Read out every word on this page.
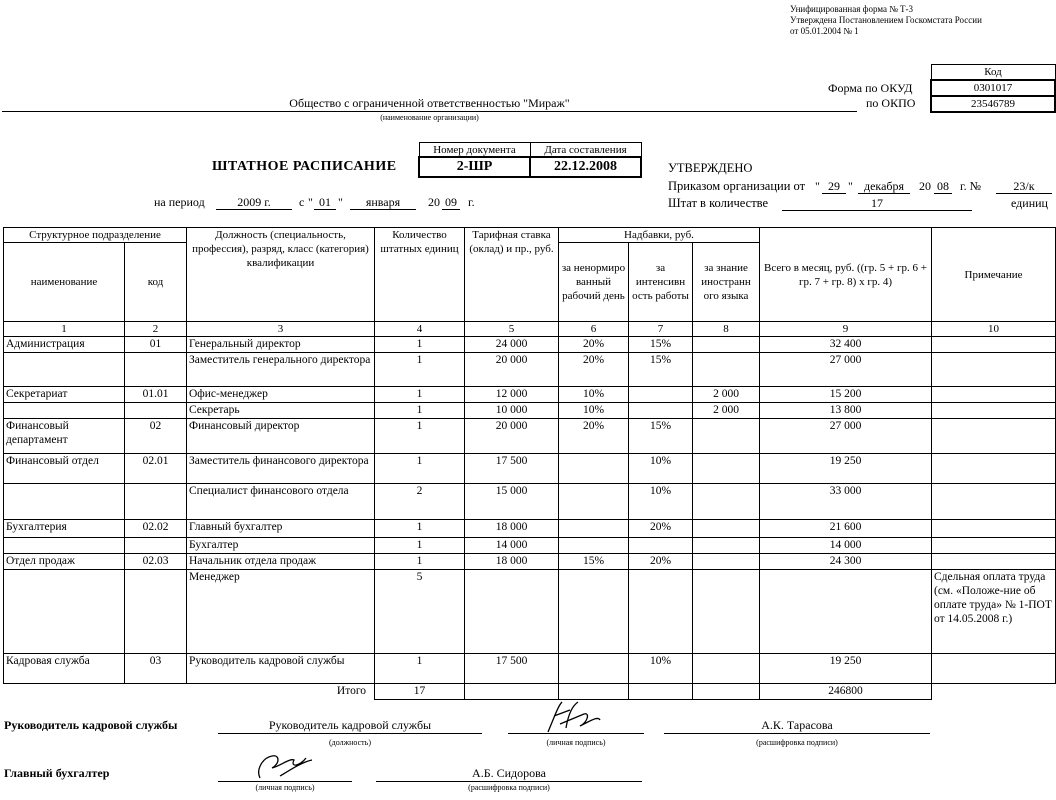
Унифицированная форма № Т-3
Утверждена Постановлением Госкомстата России
от 05.01.2004 № 1
Код
0301017
23546789
Форма по ОКУД
по ОКПО
Общество с ограниченной ответственностью "Мираж"
(наименование организации)
ШТАТНОЕ РАСПИСАНИЕ
Номер документа	Дата составления
2-ШР	22.12.2008
на период	2009 г.	с " 01 "	января	20 09 г.
УТВЕРЖДЕНО
Приказом организации от " 29 " декабря	20 08 г. №	23/к
Штат в количестве	17	единиц
Структурное подразделение		Должность (специальность, профессия), разряд, класс (категория) квалификации	Количество штатных единиц	Тарифная ставка (оклад) и пр., руб.	Надбавки, руб.			Всего в месяц, руб. ((гр. 5 + гр. 6 + гр. 7 + гр. 8) х гр. 4)	Примечание
наименование	код				за ненормиро ванный рабочий день	за интенсивн ость работы	за знание иностранн ого языка		
1	2	3	4	5	6	7	8	9	10
Администрация	01	Генеральный директор	1	24 000	20%	15%		32 400	
		Заместитель генерального директора	1	20 000	20%	15%		27 000	
Секретариат	01.01	Офис-менеджер	1	12 000	10%		2 000	15 200	
		Секретарь	1	10 000	10%		2 000	13 800	
Финансовый департамент	02	Финансовый директор	1	20 000	20%	15%		27 000	
Финансовый отдел	02.01	Заместитель финансового директора	1	17 500		10%		19 250	
		Специалист финансового отдела	2	15 000		10%		33 000	
Бухгалтерия	02.02	Главный бухгалтер	1	18 000		20%		21 600	
		Бухгалтер	1	14 000				14 000	
Отдел продаж	02.03	Начальник отдела продаж	1	18 000	15%	20%		24 300	
		Менеджер	5						Сдельная оплата труда (см. «Положе-ние об оплате труда» № 1-ПОТ от 14.05.2008 г.)
Кадровая служба	03	Руководитель кадровой службы	1	17 500		10%		19 250	
Итого			17					246800	
Руководитель кадровой службы	Руководитель кадровой службы
(должность)	(личная подпись)
А.К. Тарасова
(расшифровка подписи)
Главный бухгалтер
(личная подпись)
А.Б. Сидорова
(расшифровка подписи)
